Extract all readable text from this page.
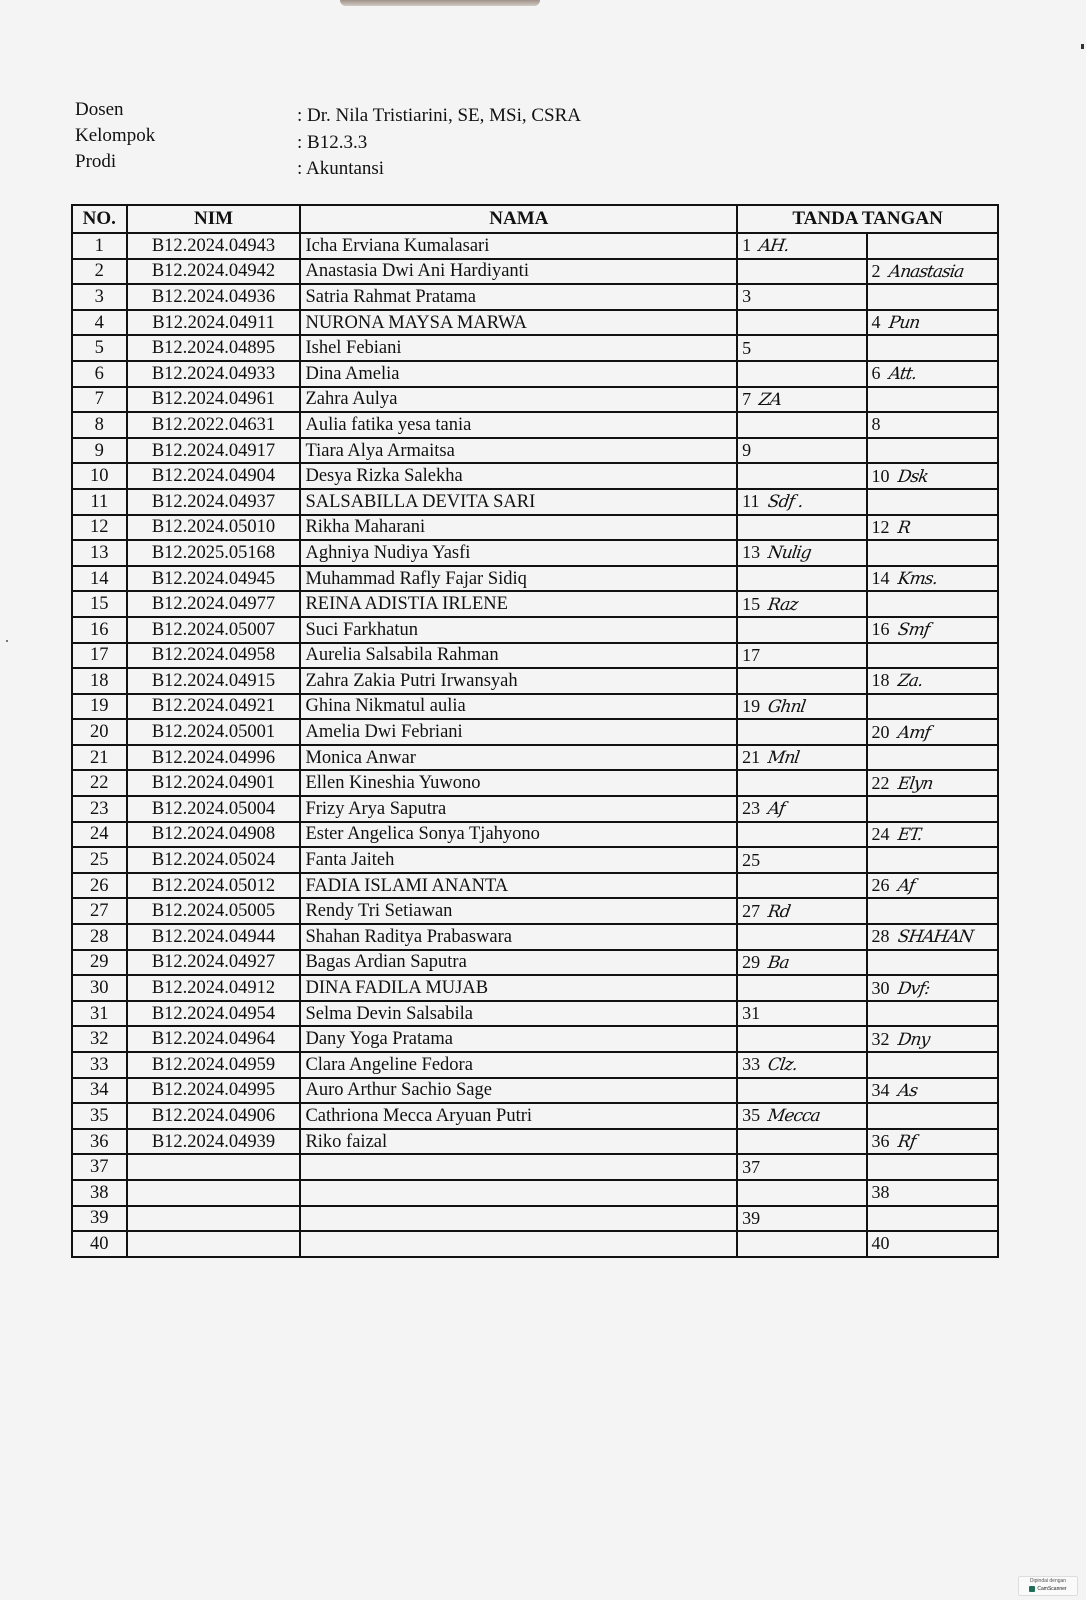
Dosen	: Dr. Nila Tristiarini, SE, MSi, CSRA
Kelompok	: B12.3.3
Prodi	: Akuntansi
NO.	NIM	NAMA	TANDA TANGAN	
1	B12.2024.04943	Icha Erviana Kumalasari	1 AH.	
2	B12.2024.04942	Anastasia Dwi Ani Hardiyanti		2 Anastasia
3	B12.2024.04936	Satria Rahmat Pratama	3	
4	B12.2024.04911	NURONA MAYSA MARWA		4 Pun
5	B12.2024.04895	Ishel Febiani	5	
6	B12.2024.04933	Dina Amelia		6 Att.
7	B12.2024.04961	Zahra Aulya	7 ZA	
8	B12.2022.04631	Aulia fatika yesa tania		8
9	B12.2024.04917	Tiara Alya Armaitsa	9	
10	B12.2024.04904	Desya Rizka Salekha		10 Dsk
11	B12.2024.04937	SALSABILLA DEVITA SARI	11 Sdf .	
12	B12.2024.05010	Rikha Maharani		12 R
13	B12.2025.05168	Aghniya Nudiya Yasfi	13 Nulig	
14	B12.2024.04945	Muhammad Rafly Fajar Sidiq		14 Kms.
15	B12.2024.04977	REINA ADISTIA IRLENE	15 Raz	
16	B12.2024.05007	Suci Farkhatun		16 Smf
17	B12.2024.04958	Aurelia Salsabila Rahman	17	
18	B12.2024.04915	Zahra Zakia Putri Irwansyah		18 Za.
19	B12.2024.04921	Ghina Nikmatul aulia	19 Ghnl	
20	B12.2024.05001	Amelia Dwi Febriani		20 Amf
21	B12.2024.04996	Monica Anwar	21 Mnl	
22	B12.2024.04901	Ellen Kineshia Yuwono		22 Elyn
23	B12.2024.05004	Frizy Arya Saputra	23 Af	
24	B12.2024.04908	Ester Angelica Sonya Tjahyono		24 ET.
25	B12.2024.05024	Fanta Jaiteh	25	
26	B12.2024.05012	FADIA ISLAMI ANANTA		26 Af
27	B12.2024.05005	Rendy Tri Setiawan	27 Rd	
28	B12.2024.04944	Shahan Raditya Prabaswara		28 SHAHAN
29	B12.2024.04927	Bagas Ardian Saputra	29 Ba	
30	B12.2024.04912	DINA FADILA MUJAB		30 Dvf:
31	B12.2024.04954	Selma Devin Salsabila	31	
32	B12.2024.04964	Dany Yoga Pratama		32 Dny
33	B12.2024.04959	Clara Angeline Fedora	33 Clz.	
34	B12.2024.04995	Auro Arthur Sachio Sage		34 As
35	B12.2024.04906	Cathriona Mecca Aryuan Putri	35 Mecca	
36	B12.2024.04939	Riko faizal		36 Rf
37			37	
38				38
39			39	
40				40
Dipindai dengan
CamScanner
